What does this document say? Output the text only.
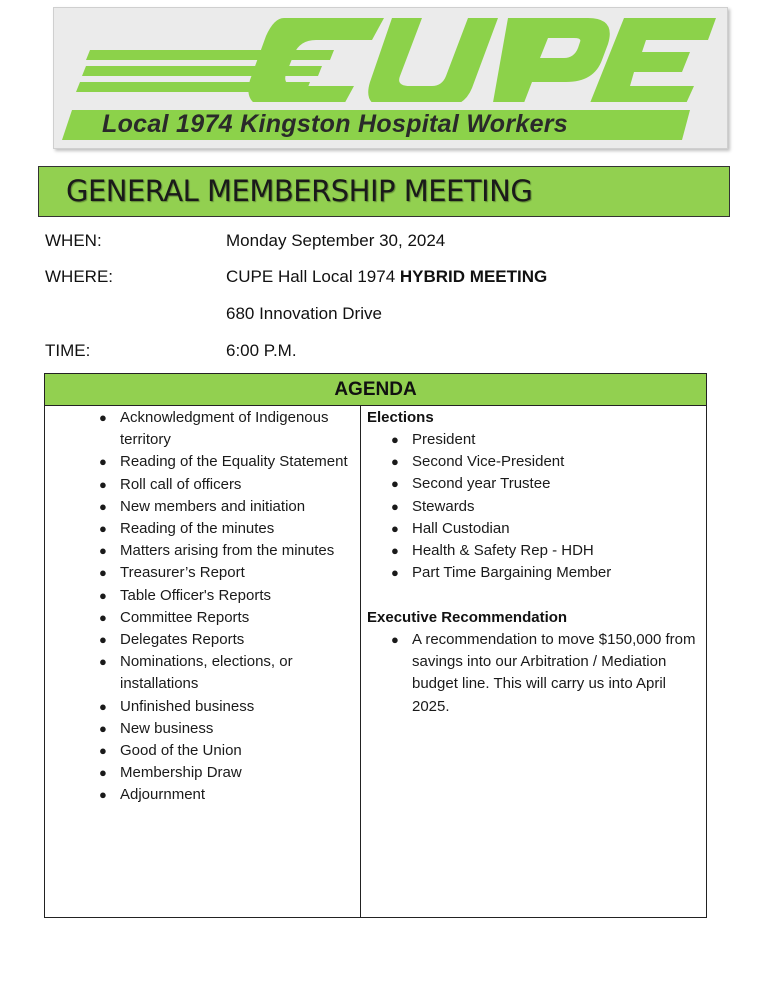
Local 1974 Kingston Hospital Workers
GENERAL MEMBERSHIP MEETING
WHEN:	Monday September 30, 2024
WHERE:	CUPE Hall Local 1974 HYBRID MEETING
680 Innovation Drive
TIME:	6:00 P.M.
AGENDA
● Acknowledgment of Indigenous territory
● Reading of the Equality Statement
● Roll call of officers
● New members and initiation
● Reading of the minutes
● Matters arising from the minutes
● Treasurer’s Report
● Table Officer's Reports
● Committee Reports
● Delegates Reports
● Nominations, elections, or installations
● Unfinished business
● New business
● Good of the Union
● Membership Draw
● Adjournment
Elections
● President
● Second Vice-President
● Second year Trustee
● Stewards
● Hall Custodian
● Health & Safety Rep - HDH
● Part Time Bargaining Member
Executive Recommendation
● A recommendation to move $150,000 from savings into our Arbitration / Mediation budget line. This will carry us into April 2025.
